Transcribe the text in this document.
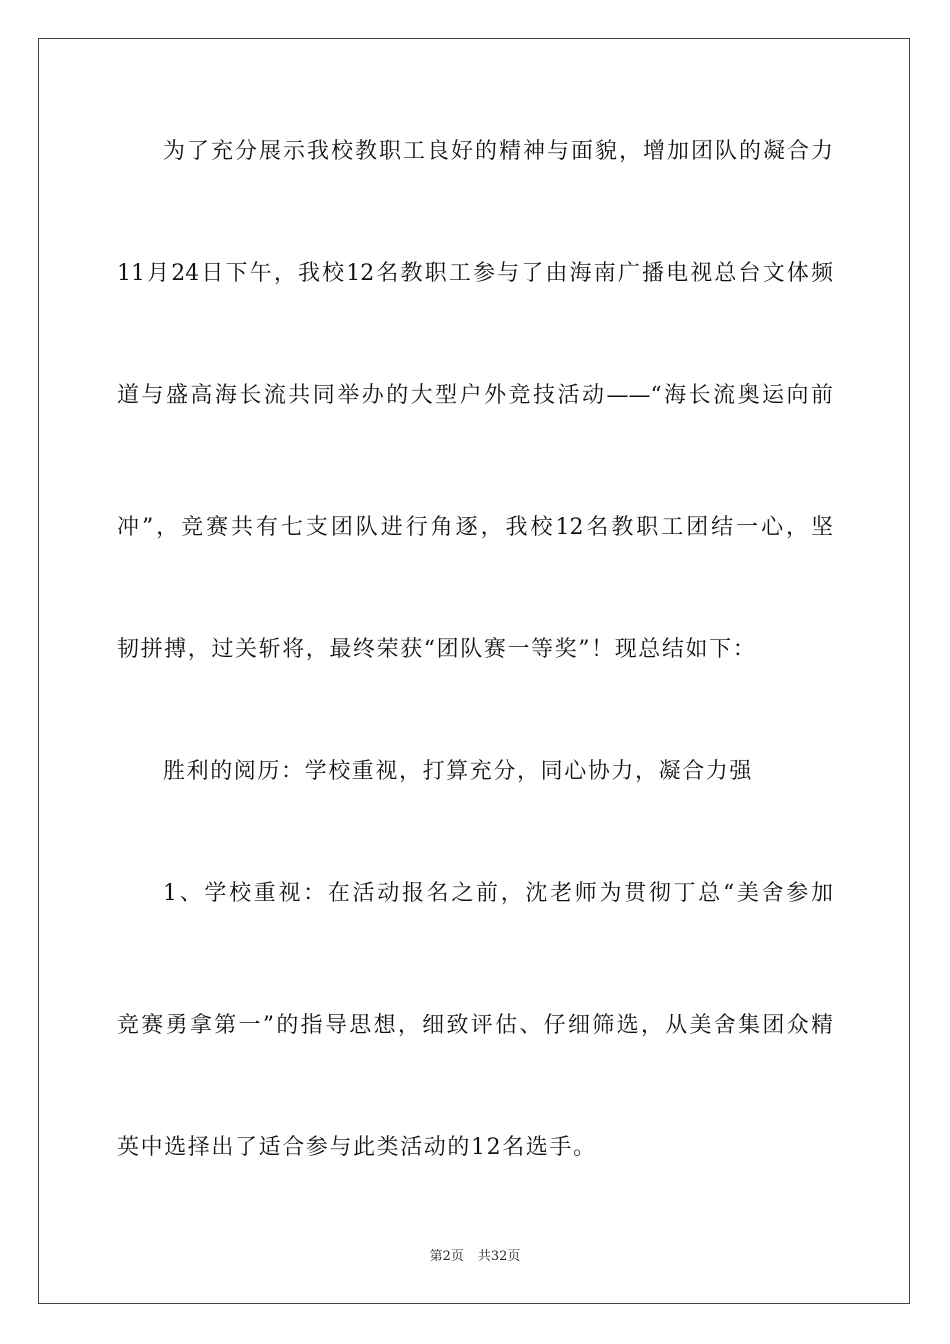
为了充分展示我校教职工良好的精神与面貌，增加团队的凝合力
11月24日下午，我校12名教职工参与了由海南广播电视总台文体频
道与盛高海长流共同举办的大型户外竞技活动——“海长流奥运向前
冲”，竞赛共有七支团队进行角逐，我校12名教职工团结一心，坚
韧拼搏，过关斩将，最终荣获“团队赛一等奖”！现总结如下：
胜利的阅历：学校重视，打算充分，同心协力，凝合力强
1、学校重视：在活动报名之前，沈老师为贯彻丁总“美舍参加
竞赛勇拿第一”的指导思想，细致评估、仔细筛选，从美舍集团众精
英中选择出了适合参与此类活动的12名选手。
第2页 共32页
